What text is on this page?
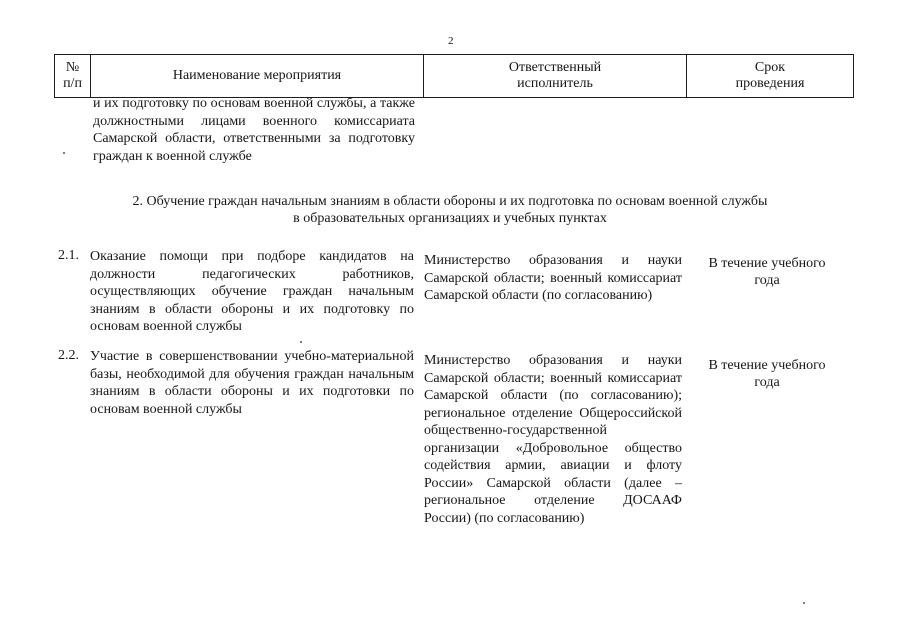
2
№
п/п
Наименование мероприятия
Ответственный
исполнитель
Срок
проведения
и их подготовку по основам военной службы, а также должностными лицами военного комиссариата Самарской области, ответственными за подготовку граждан к военной службе
2. Обучение граждан начальным знаниям в области обороны и их подготовка по основам военной службы
в образовательных организациях и учебных пунктах
2.1. Оказание помощи при подборе кандидатов на должности педагогических работников, осуществляющих обучение граждан начальным знаниям в области обороны и их подготовку по основам военной службы
Министерство образования и науки Самарской области; военный комиссариат Самарской области (по согласованию)
В течение учебного года
2.2. Участие в совершенствовании учебно-материальной базы, необходимой для обучения граждан начальным знаниям в области обороны и их подготовки по основам военной службы
Министерство образования и науки Самарской области; военный комиссариат Самарской области (по согласованию); региональное отделение Общероссийской общественно-государственной организации «Добровольное общество содействия армии, авиации и флоту России» Самарской области (далее – региональное отделение ДОСААФ России) (по согласованию)
В течение учебного года
